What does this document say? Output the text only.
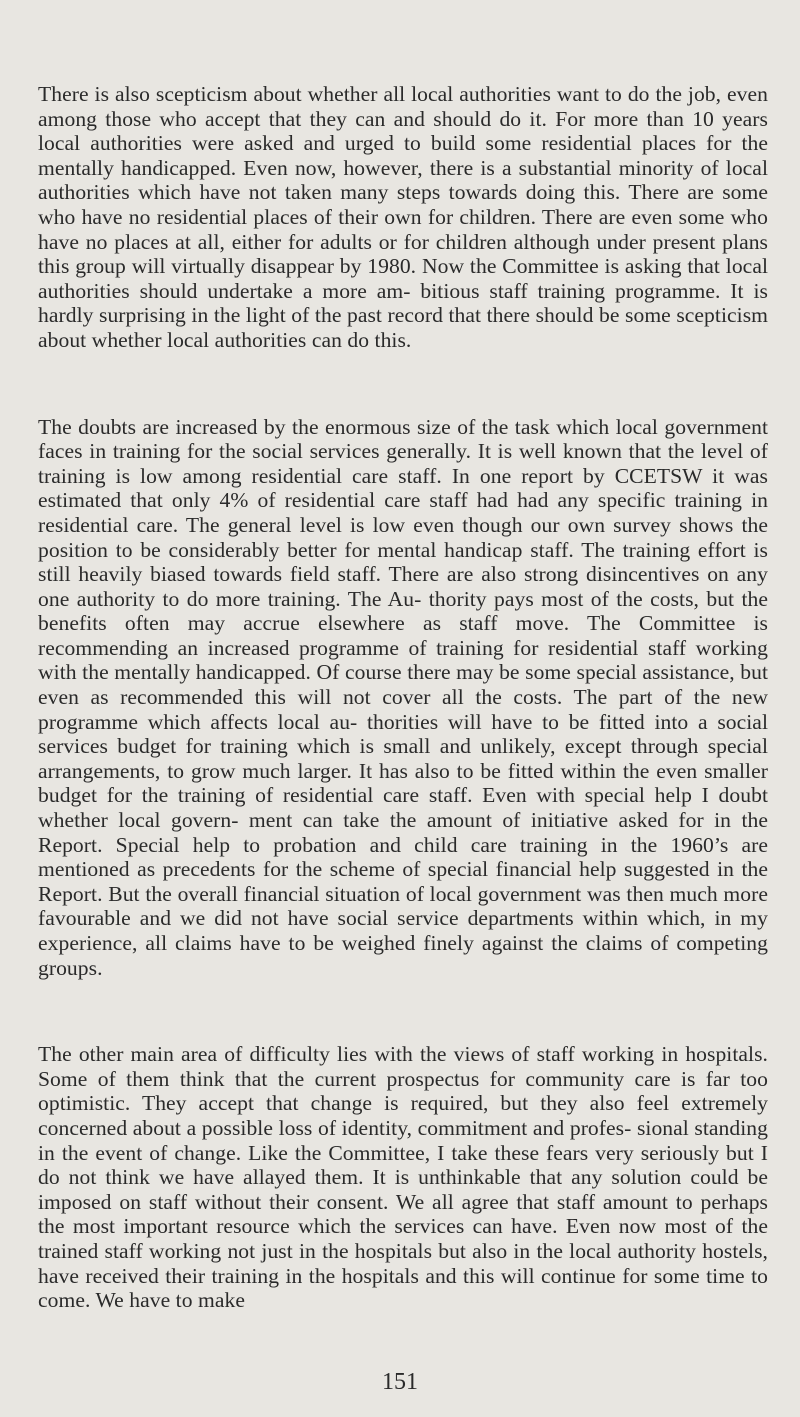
There is also scepticism about whether all local authorities want to do the job, even among those who accept that they can and should do it. For more than 10 years local authorities were asked and urged to build some residential places for the mentally handicapped. Even now, however, there is a substantial minority of local authorities which have not taken many steps towards doing this. There are some who have no residential places of their own for children. There are even some who have no places at all, either for adults or for children although under present plans this group will virtually disappear by 1980. Now the Committee is asking that local authorities should undertake a more am- bitious staff training programme. It is hardly surprising in the light of the past record that there should be some scepticism about whether local authorities can do this.

The doubts are increased by the enormous size of the task which local government faces in training for the social services generally. It is well known that the level of training is low among residential care staff. In one report by CCETSW it was estimated that only 4% of residential care staff had had any specific training in residential care. The general level is low even though our own survey shows the position to be considerably better for mental handicap staff. The training effort is still heavily biased towards field staff. There are also strong disincentives on any one authority to do more training. The Au- thority pays most of the costs, but the benefits often may accrue elsewhere as staff move. The Committee is recommending an increased programme of training for residential staff working with the mentally handicapped. Of course there may be some special assistance, but even as recommended this will not cover all the costs. The part of the new programme which affects local au- thorities will have to be fitted into a social services budget for training which is small and unlikely, except through special arrangements, to grow much larger. It has also to be fitted within the even smaller budget for the training of residential care staff. Even with special help I doubt whether local govern- ment can take the amount of initiative asked for in the Report. Special help to probation and child care training in the 1960’s are mentioned as precedents for the scheme of special financial help suggested in the Report. But the overall financial situation of local government was then much more favourable and we did not have social service departments within which, in my experience, all claims have to be weighed finely against the claims of competing groups.

The other main area of difficulty lies with the views of staff working in hospitals. Some of them think that the current prospectus for community care is far too optimistic. They accept that change is required, but they also feel extremely concerned about a possible loss of identity, commitment and profes- sional standing in the event of change. Like the Committee, I take these fears very seriously but I do not think we have allayed them. It is unthinkable that any solution could be imposed on staff without their consent. We all agree that staff amount to perhaps the most important resource which the services can have. Even now most of the trained staff working not just in the hospitals but also in the local authority hostels, have received their training in the hospitals and this will continue for some time to come. We have to make

151
